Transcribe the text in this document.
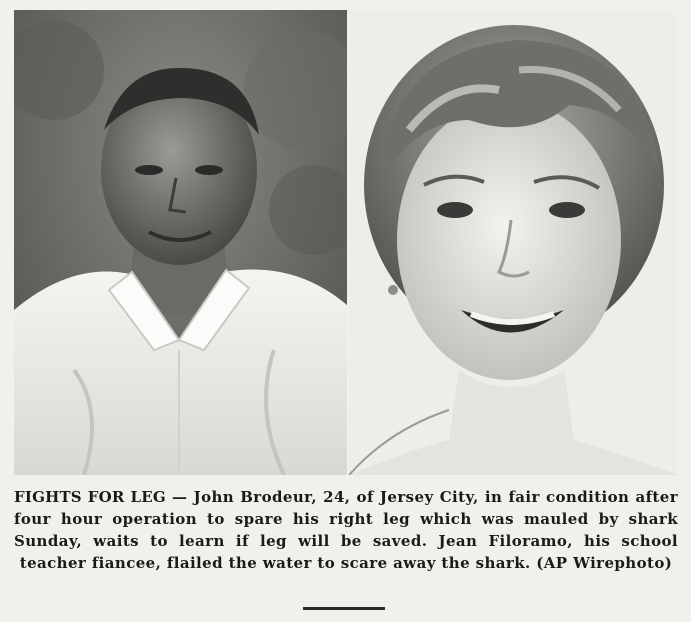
FIGHTS FOR LEG — John Brodeur, 24, of Jersey City, in fair condition after four hour operation to spare his right leg which was mauled by shark Sunday, waits to learn if leg will be saved. Jean Filoramo, his school teacher fiancee, flailed the water to scare away the shark. (AP Wirephoto)
